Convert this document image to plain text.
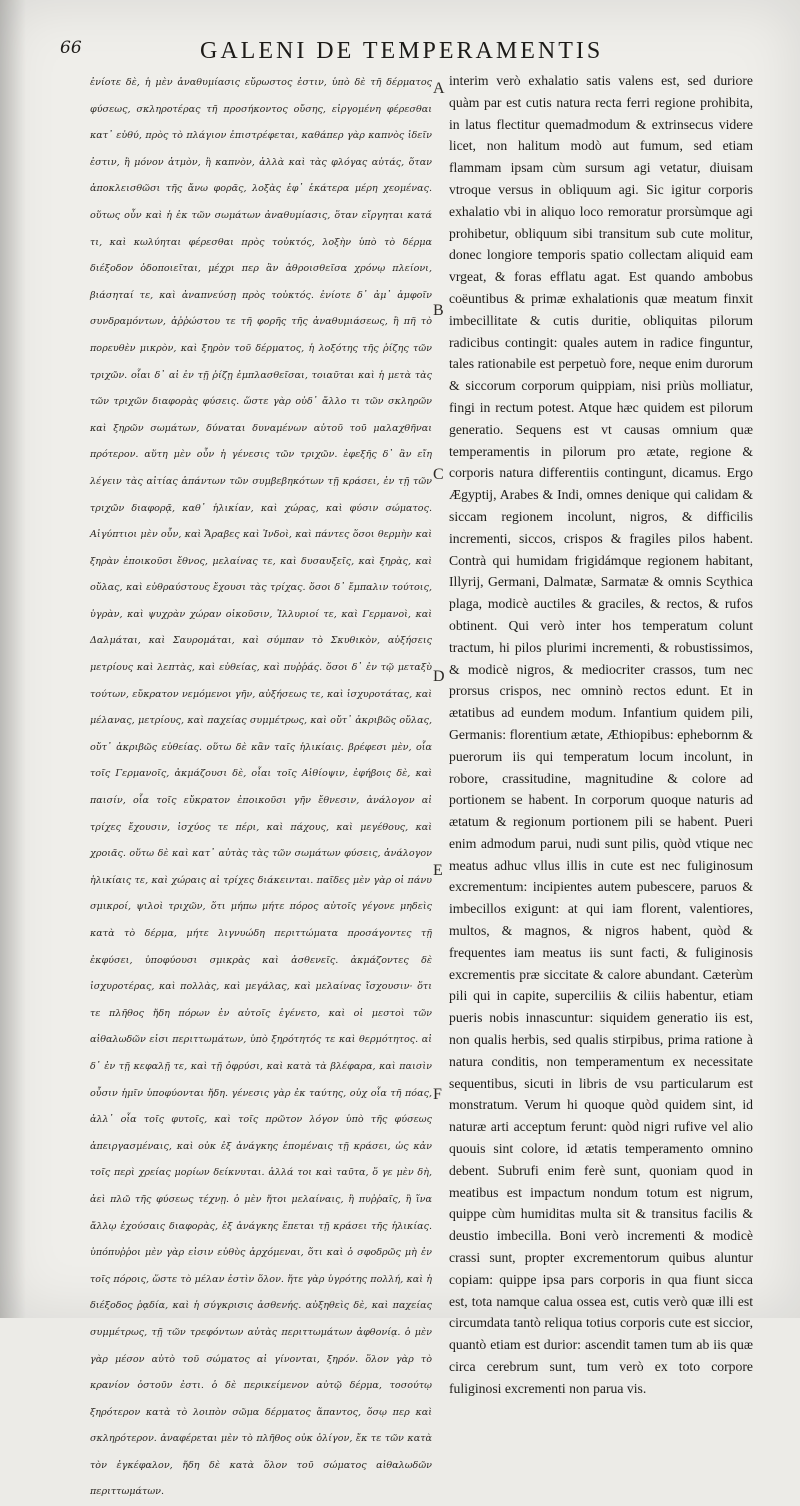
66	GALENI DE TEMPERAMENTIS

ἐνίοτε δὲ, ἡ μὲν ἀναθυμίασις εὔρωστος ἐστιν, ὑπὸ δὲ τῆ δέρματος φύσεως, σκληροτέρας τῆ προσήκοντος οὔσης, εἰργομένη φέρεσθαι κατ᾽ εὐθύ, πρὸς τὸ πλάγιον ἐπιστρέφεται, καθάπερ γὰρ καπνὸς ἰδεῖν ἐστιν, ἢ μόνον ἀτμὸν, ἢ καπνὸν, ἀλλὰ καὶ τὰς φλόγας αὐτάς, ὅταν ἀποκλεισθῶσι τῆς ἄνω φορᾶς, λοξὰς ἐφ᾽ ἑκάτερα μέρη χεομένας. οὕτως οὖν καὶ ἡ ἐκ τῶν σωμάτων ἀναθυμίασις, ὅταν εἴργηται κατά τι, καὶ κωλύηται φέρεσθαι πρὸς τοὐκτός, λοξὴν ὑπὸ τὸ δέρμα διέξοδον ὁδοποιεῖται, μέχρι περ ἂν ἀθροισθεῖσα χρόνῳ πλείονι, βιάσηταί τε, καὶ ἀναπνεύσῃ πρὸς τοὐκτός. ἐνίοτε δ᾽ ἀμ᾽ ἀμφοῖν συνδραμόντων, ἀῤῥώστου τε τῆ φορῆς τῆς ἀναθυμιάσεως, ἢ πῆ τὸ πορευθὲν μικρὸν, καὶ ξηρὸν τοῦ δέρματος, ἡ λοξότης τῆς ῥίζης τῶν τριχῶν. οἷαι δ᾽ αἱ ἐν τῇ ῥίζῃ ἐμπλασθεῖσαι, τοιαῦται καὶ ἡ μετὰ τὰς τῶν τριχῶν διαφορὰς φύσεις. ὥστε γὰρ οὐδ᾽ ἄλλο τι τῶν σκληρῶν καὶ ξηρῶν σωμάτων, δύναται δυναμένων αὐτοῦ τοῦ μαλαχθῆναι πρότερον. αὕτη μὲν οὖν ἡ γένεσις τῶν τριχῶν. ἐφεξῆς δ᾽ ἂν εἴη λέγειν τὰς αἰτίας ἁπάντων τῶν συμβεβηκότων τῇ κράσει, ἐν τῇ τῶν τριχῶν διαφορᾷ, καθ᾽ ἡλικίαν, καὶ χώρας, καὶ φύσιν σώματος. Αἰγύπτιοι μὲν οὖν, καὶ Ἄραβες καὶ Ἰνδοὶ, καὶ πάντες ὅσοι θερμὴν καὶ ξηρὰν ἐποικοῦσι ἔθνος, μελαίνας τε, καὶ δυσαυξεῖς, καὶ ξηρὰς, καὶ οὔλας, καὶ εὐθραύστους ἔχουσι τὰς τρίχας. ὅσοι δ᾽ ἔμπαλιν τούτοις, ὑγρὰν, καὶ ψυχρὰν χώραν οἰκοῦσιν, Ἰλλυριοί τε, καὶ Γερμανοὶ, καὶ Δαλμάται, καὶ Σαυρομάται, καὶ σύμπαν τὸ Σκυθικὸν, αὐξήσεις μετρίους καὶ λεπτὰς, καὶ εὐθείας, καὶ πυῤῥάς. ὅσοι δ᾽ ἐν τῷ μεταξὺ τούτων, εὔκρατον νεμόμενοι γῆν, αὐξήσεως τε, καὶ ἰσχυροτάτας, καὶ μέλανας, μετρίους, καὶ παχείας συμμέτρως, καὶ οὔτ᾽ ἀκριβῶς οὔλας, οὔτ᾽ ἀκριβῶς εὐθείας. οὕτω δὲ κἂν ταῖς ἡλικίαις. βρέφεσι μὲν, οἷα τοῖς Γερμανοῖς, ἀκμάζουσι δὲ, οἷαι τοῖς Αἰθίοψιν, ἐφήβοις δὲ, καὶ παισίν, οἷα τοῖς εὔκρατον ἐποικοῦσι γῆν ἔθνεσιν, ἀνάλογον αἱ τρίχες ἔχουσιν, ἰσχύος τε πέρι, καὶ πάχους, καὶ μεγέθους, καὶ χροιᾶς. οὕτω δὲ καὶ κατ᾽ αὐτὰς τὰς τῶν σωμάτων φύσεις, ἀνάλογον ἡλικίαις τε, καὶ χώραις αἱ τρίχες διάκεινται. παῖδες μὲν γὰρ οἱ πάνυ σμικροί, ψιλοὶ τριχῶν, ὅτι μήπω μήτε πόρος αὐτοῖς γέγονε μηδεὶς κατὰ τὸ δέρμα, μήτε λιγνυώδη περιττώματα προσάγοντες τῇ ἐκφύσει, ὑποφύουσι σμικρὰς καὶ ἀσθενεῖς. ἀκμάζοντες δὲ ἰσχυροτέρας, καὶ πολλὰς, καὶ μεγάλας, καὶ μελαίνας ἴσχουσιν· ὅτι τε πλῆθος ἤδη πόρων ἐν αὐτοῖς ἐγένετο, καὶ οἱ μεστοὶ τῶν αἰθαλωδῶν εἰσι περιττωμάτων, ὑπὸ ξηρότητός τε καὶ θερμότητος. αἱ δ᾽ ἐν τῇ κεφαλῇ τε, καὶ τῇ ὀφρύσι, καὶ κατὰ τὰ βλέφαρα, καὶ παισὶν οὖσιν ἡμῖν ὑποφύονται ἤδη. γένεσις γὰρ ἐκ ταύτης, οὐχ οἷα τῆ πόας, ἀλλ᾽ οἷα τοῖς φυτοῖς, καὶ τοῖς πρῶτον λόγον ὑπὸ τῆς φύσεως ἀπειργασμέναις, καὶ οὐκ ἐξ ἀνάγκης ἑπομέναις τῇ κράσει, ὡς κἀν τοῖς περὶ χρείας μορίων δείκνυται. ἀλλά τοι καὶ ταῦτα, ὅ γε μὲν δὴ, ἀεὶ πλῶ τῆς φύσεως τέχνῃ. ὁ μὲν ἤτοι μελαίναις, ἢ πυῤῥαῖς, ἢ ἵνα ἄλλῳ ἐχούσαις διαφορὰς, ἐξ ἀνάγκης ἕπεται τῇ κράσει τῆς ἡλικίας. ὑπόπυῤῥοι μὲν γὰρ εἰσιν εὐθὺς ἀρχόμεναι, ὅτι καὶ ὁ σφοδρῶς μὴ ἐν τοῖς πόροις, ὥστε τὸ μέλαν ἐστὶν ὅλον. ἥτε γὰρ ὑγρότης πολλή, καὶ ἡ διέξοδος ῥᾳδία, καὶ ἡ σύγκρισις ἀσθενής. αὐξηθεὶς δὲ, καὶ παχείας συμμέτρως, τῇ τῶν τρεφόντων αὐτὰς περιττωμάτων ἀφθονίᾳ. ὁ μὲν γὰρ μέσον αὐτὸ τοῦ σώματος αἱ γίνονται, ξηρόν. ὅλον γὰρ τὸ κρανίον ὀστοῦν ἐστι. ὁ δὲ περικείμενον αὐτῷ δέρμα, τοσούτῳ ξηρότερον κατὰ τὸ λοιπὸν σῶμα δέρματος ἅπαντος, ὅσῳ περ καὶ σκληρότερον. ἀναφέρεται μὲν τὸ πλῆθος οὐκ ὀλίγον, ἔκ τε τῶν κατὰ τὸν ἐγκέφαλον, ἤδη δὲ κατὰ ὅλον τοῦ σώματος αἰθαλωδῶν περιττωμάτων.

A
B
C
D
E
F

interim verò exhalatio satis valens est, sed duriore quàm par est cutis natura recta ferri regione prohibita, in latus flectitur quemadmodum & extrinsecus videre licet, non halitum modò aut fumum, sed etiam flammam ipsam cùm sursum agi vetatur, diuisam vtroque versus in obliquum agi. Sic igitur corporis exhalatio vbi in aliquo loco remoratur prorsùmque agi prohibetur, obliquum sibi transitum sub cute molitur, donec longiore temporis spatio collectam aliquid eam vrgeat, & foras efflatu agat. Est quando ambobus coëuntibus & primæ exhalationis quæ meatum finxit imbecillitate & cutis duritie, obliquitas pilorum radicibus contingit: quales autem in radice finguntur, tales rationabile est perpetuò fore, neque enim durorum & siccorum corporum quippiam, nisi priùs molliatur, fingi in rectum potest. Atque hæc quidem est pilorum generatio. Sequens est vt causas omnium quæ temperamentis in pilorum pro ætate, regione & corporis natura differentiis contingunt, dicamus. Ergo Ægyptij, Arabes & Indi, omnes denique qui calidam & siccam regionem incolunt, nigros, & difficilis incrementi, siccos, crispos & fragiles pilos habent. Contrà qui humidam frigidámque regionem habitant, Illyrij, Germani, Dalmatæ, Sarmatæ & omnis Scythica plaga, modicè auctiles & graciles, & rectos, & rufos obtinent. Qui verò inter hos temperatum colunt tractum, hi pilos plurimi incrementi, & robustissimos, & modicè nigros, & mediocriter crassos, tum nec prorsus crispos, nec omninò rectos edunt. Et in ætatibus ad eundem modum. Infantium quidem pili, Germanis: florentium ætate, Æthiopibus: ephebornm & puerorum iis qui temperatum locum incolunt, in robore, crassitudine, magnitudine & colore ad portionem se habent. In corporum quoque naturis ad ætatum & regionum portionem pili se habent. Pueri enim admodum parui, nudi sunt pilis, quòd vtique nec meatus adhuc vllus illis in cute est nec fuliginosum excrementum: incipientes autem pubescere, paruos & imbecillos exigunt: at qui iam florent, valentiores, multos, & magnos, & nigros habent, quòd & frequentes iam meatus iis sunt facti, & fuliginosis excrementis præ siccitate & calore abundant. Cæterùm pili qui in capite, superciliis & ciliis habentur, etiam pueris nobis innascuntur: siquidem generatio iis est, non qualis herbis, sed qualis stirpibus, prima ratione à natura conditis, non temperamentum ex necessitate sequentibus, sicuti in libris de vsu particularum est monstratum. Verum hi quoque quòd quidem sint, id naturæ arti acceptum ferunt: quòd nigri rufive vel alio quouis sint colore, id ætatis temperamento omnino debent. Subrufi enim ferè sunt, quoniam quod in meatibus est impactum nondum totum est nigrum, quippe cùm humiditas multa sit & transitus facilis & deustio imbecilla. Boni verò incrementi & modicè crassi sunt, propter excrementorum quibus aluntur copiam: quippe ipsa pars corporis in qua fiunt sicca est, tota namque calua ossea est, cutis verò quæ illi est circumdata tantò reliqua totius corporis cute est siccior, quantò etiam est durior: ascendit tamen tum ab iis quæ circa cerebrum sunt, tum verò ex toto corpore fuliginosi excrementi non parua vis.
